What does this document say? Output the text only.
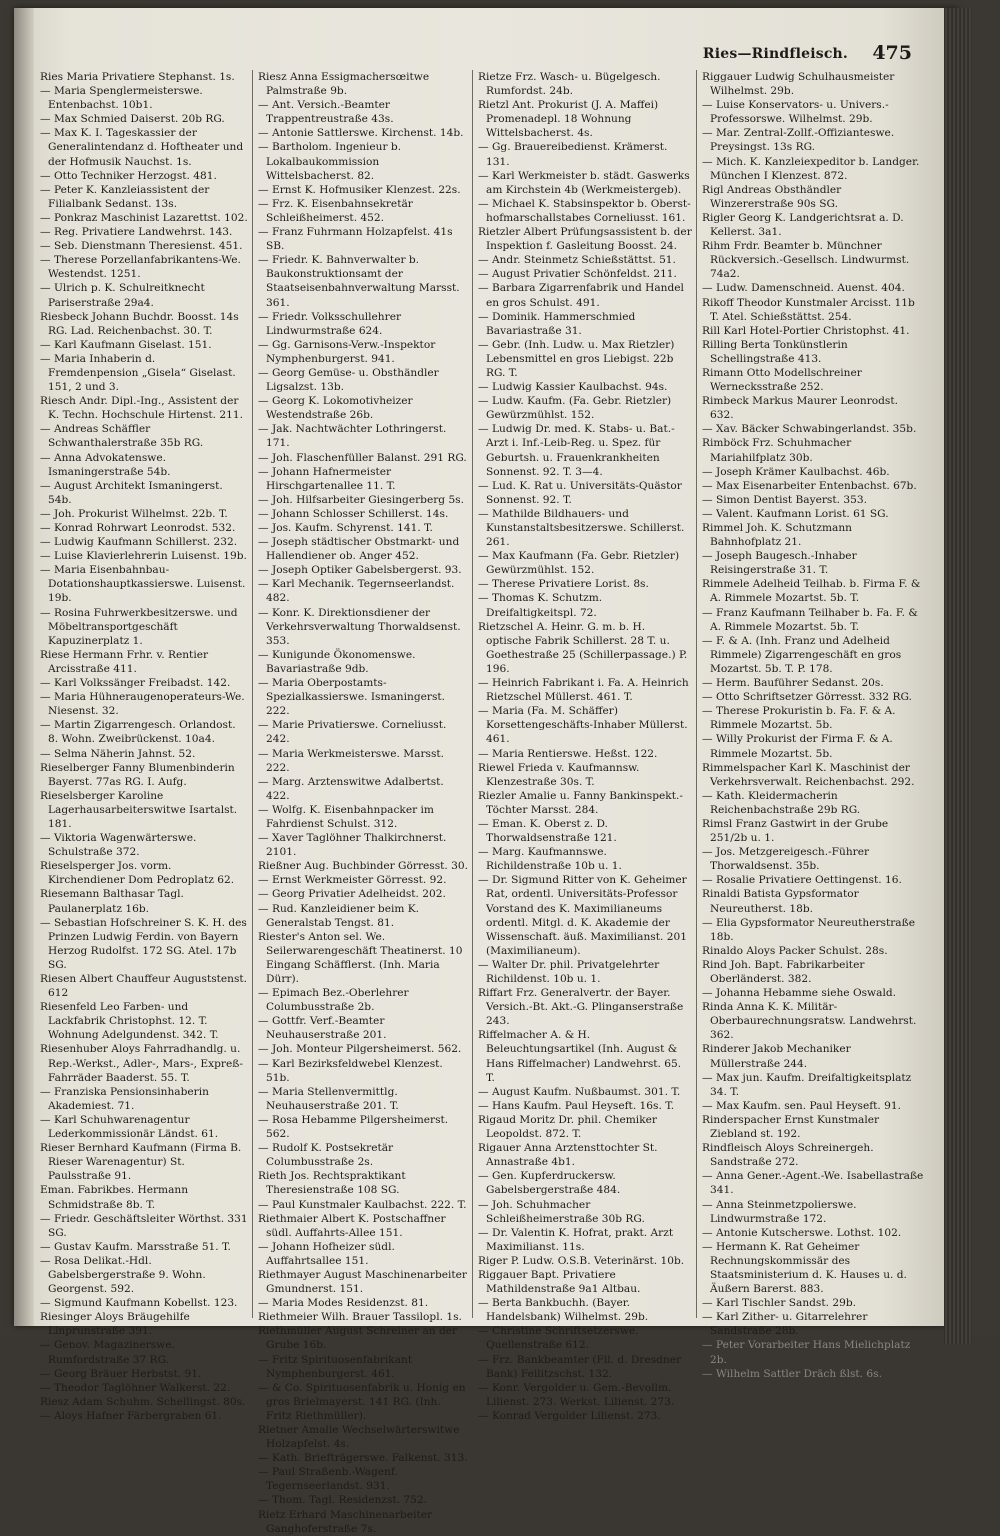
Ries—Rindfleisch. 475

Ries Maria Privatiere Stephanst. 1s.

— Maria Spenglermeisterswe. Entenbachst. 10b1.

— Max Schmied Daiserst. 20b RG.

— Max K. I. Tageskassier der Generalintendanz d. Hoftheater und der Hofmusik Nauchst. 1s.

— Otto Techniker Herzogst. 481.

— Peter K. Kanzleiassistent der Filialbank Sedanst. 13s.

— Ponkraz Maschinist Lazarettst. 102.

— Reg. Privatiere Landwehrst. 143.

— Seb. Dienstmann Theresienst. 451.

— Therese Porzellanfabrikantens-We. Westendst. 1251.

— Ulrich p. K. Schulreitknecht Pariserstraße 29a4.

Riesbeck Johann Buchdr. Boosst. 14s RG. Lad. Reichenbachst. 30. T.

— Karl Kaufmann Giselast. 151.

— Maria Inhaberin d. Fremdenpension „Gisela“ Giselast. 151, 2 und 3.

Riesch Andr. Dipl.-Ing., Assistent der K. Techn. Hochschule Hirtenst. 211.

— Andreas Schäffler Schwanthalerstraße 35b RG.

— Anna Advokatenswe. Ismaningerstraße 54b.

— August Architekt Ismaningerst. 54b.

— Joh. Prokurist Wilhelmst. 22b. T.

— Konrad Rohrwart Leonrodst. 532.

— Ludwig Kaufmann Schillerst. 232.

— Luise Klavierlehrerin Luisenst. 19b.

— Maria Eisenbahnbau-Dotationshauptkassierswe. Luisenst. 19b.

— Rosina Fuhrwerkbesitzerswe. und Möbeltransportgeschäft Kapuzinerplatz 1.

Riese Hermann Frhr. v. Rentier Arcisstraße 411.

— Karl Volkssänger Freibadst. 142.

— Maria Hühneraugenoperateurs-We. Niesenst. 32.

— Martin Zigarrengesch. Orlandost. 8. Wohn. Zweibrückenst. 10a4.

— Selma Näherin Jahnst. 52.

Rieselberger Fanny Blumenbinderin Bayerst. 77as RG. I. Aufg.

Rieselsberger Karoline Lagerhausarbeiterswitwe Isartalst. 181.

— Viktoria Wagenwärterswe. Schulstraße 372.

Rieselsperger Jos. vorm. Kirchendiener Dom Pedroplatz 62.

Riesemann Balthasar Tagl. Paulanerplatz 16b.

— Sebastian Hofschreiner S. K. H. des Prinzen Ludwig Ferdin. von Bayern Herzog Rudolfst. 172 SG. Atel. 17b SG.

Riesen Albert Chauffeur Auguststenst. 612

Riesenfeld Leo Farben- und Lackfabrik Christophst. 12. T. Wohnung Adelgundenst. 342. T.

Riesenhuber Aloys Fahrradhandlg. u. Rep.-Werkst., Adler-, Mars-, Expreß-Fahrräder Baaderst. 55. T.

— Franziska Pensionsinhaberin Akademiest. 71.

— Karl Schuhwarenagentur Lederkommissionär Ländst. 61.

Rieser Bernhard Kaufmann (Firma B. Rieser Warenagentur) St. Paulsstraße 91.

Eman. Fabrikbes. Hermann Schmidstraße 8b. T.

— Friedr. Geschäftsleiter Wörthst. 331 SG.

— Gustav Kaufm. Marsstraße 51. T.

— Rosa Delikat.-Hdl. Gabelsbergerstraße 9. Wohn. Georgenst. 592.

— Sigmund Kaufmann Kobellst. 123.

Riesinger Aloys Bräugehilfe Linprunstraße 391.

— Genov. Magazinerswe. Rumfordstraße 37 RG.

— Georg Bräuer Herbstst. 91.

— Theodor Taglöhner Walkerst. 22.

Riesz Adam Schuhm. Schellingst. 80s.

— Aloys Hafner Färbergraben 61.

Riesz Anna Essigmachersœitwe Palmstraße 9b.

— Ant. Versich.-Beamter Trappentreustraße 43s.

— Antonie Sattlerswe. Kirchenst. 14b.

— Bartholom. Ingenieur b. Lokalbaukommission Wittelsbacherst. 82.

— Ernst K. Hofmusiker Klenzest. 22s.

— Frz. K. Eisenbahnsekretär Schleißheimerst. 452.

— Franz Fuhrmann Holzapfelst. 41s SB.

— Friedr. K. Bahnverwalter b. Baukonstruktionsamt der Staatseisenbahnverwaltung Marsst. 361.

— Friedr. Volksschullehrer Lindwurmstraße 624.

— Gg. Garnisons-Verw.-Inspektor Nymphenburgerst. 941.

— Georg Gemüse- u. Obsthändler Ligsalzst. 13b.

— Georg K. Lokomotivheizer Westendstraße 26b.

— Jak. Nachtwächter Lothringerst. 171.

— Joh. Flaschenfüller Balanst. 291 RG.

— Johann Hafnermeister Hirschgartenallee 11. T.

— Joh. Hilfsarbeiter Giesingerberg 5s.

— Johann Schlosser Schillerst. 14s.

— Jos. Kaufm. Schyrenst. 141. T.

— Joseph städtischer Obstmarkt- und Hallendiener ob. Anger 452.

— Joseph Optiker Gabelsbergerst. 93.

— Karl Mechanik. Tegernseerlandst. 482.

— Konr. K. Direktionsdiener der Verkehrsverwaltung Thorwaldsenst. 353.

— Kunigunde Ökonomenswe. Bavariastraße 9db.

— Maria Oberpostamts-Spezialkassierswe. Ismaningerst. 222.

— Marie Privatierswe. Corneliusst. 242.

— Maria Werkmeisterswe. Marsst. 222.

— Marg. Arztenswitwe Adalbertst. 422.

— Wolfg. K. Eisenbahnpacker im Fahrdienst Schulst. 312.

— Xaver Taglöhner Thalkirchnerst. 2101.

Rießner Aug. Buchbinder Görresst. 30.

— Ernst Werkmeister Görresst. 92.

— Georg Privatier Adelheidst. 202.

— Rud. Kanzleidiener beim K. Generalstab Tengst. 81.

Riester's Anton sel. We. Seilerwarengeschäft Theatinerst. 10 Eingang Schäfflerst. (Inh. Maria Dürr).

— Epimach Bez.-Oberlehrer Columbusstraße 2b.

— Gottfr. Verf.-Beamter Neuhauserstraße 201.

— Joh. Monteur Pilgersheimerst. 562.

— Karl Bezirksfeldwebel Klenzest. 51b.

— Maria Stellenvermittlg. Neuhauserstraße 201. T.

— Rosa Hebamme Pilgersheimerst. 562.

— Rudolf K. Postsekretär Columbusstraße 2s.

Rieth Jos. Rechtspraktikant Theresienstraße 108 SG.

— Paul Kunstmaler Kaulbachst. 222. T.

Riethmaier Albert K. Postschaffner südl. Auffahrts-Allee 151.

— Johann Hofheizer südl. Auffahrtsallee 151.

Riethmayer August Maschinenarbeiter Gmundnerst. 151.

— Maria Modes Residenzst. 81.

Riethmeier Wilh. Brauer Tassilopl. 1s.

Riethmüller August Schreiner an der Grube 16b.

— Fritz Spirituosenfabrikant Nymphenburgerst. 461.

— & Co. Spirituosenfabrik u. Honig en gros Brielmayerst. 141 RG. (Inh. Fritz Riethmüller).

Rietner Amalie Wechselwärterswitwe Holzapfelst. 4s.

— Kath. Briefträgerswe. Falkenst. 313.

— Paul Straßenb.-Wagenf. Tegernseerlandst. 931.

— Thom. Tagl. Residenzst. 752.

Rietz Erhard Maschinenarbeiter Ganghoferstraße 7s.

Rietze Frz. Wasch- u. Bügelgesch. Rumfordst. 24b.

Rietzl Ant. Prokurist (J. A. Maffei) Promenadepl. 18 Wohnung Wittelsbacherst. 4s.

— Gg. Brauereibedienst. Krämerst. 131.

— Karl Werkmeister b. städt. Gaswerks am Kirchstein 4b (Werkmeistergeb).

— Michael K. Stabsinspektor b. Oberst-hofmarschallstabes Corneliusst. 161.

Rietzler Albert Prüfungsassistent b. der Inspektion f. Gasleitung Boosst. 24.

— Andr. Steinmetz Schießstättst. 51.

— August Privatier Schönfeldst. 211.

— Barbara Zigarrenfabrik und Handel en gros Schulst. 491.

— Dominik. Hammerschmied Bavariastraße 31.

— Gebr. (Inh. Ludw. u. Max Rietzler) Lebensmittel en gros Liebigst. 22b RG. T.

— Ludwig Kassier Kaulbachst. 94s.

— Ludw. Kaufm. (Fa. Gebr. Rietzler) Gewürzmühlst. 152.

— Ludwig Dr. med. K. Stabs- u. Bat.-Arzt i. Inf.-Leib-Reg. u. Spez. für Geburtsh. u. Frauenkrankheiten Sonnenst. 92. T. 3—4.

— Lud. K. Rat u. Universitäts-Quästor Sonnenst. 92. T.

— Mathilde Bildhauers- und Kunstanstaltsbesitzerswe. Schillerst. 261.

— Max Kaufmann (Fa. Gebr. Rietzler) Gewürzmühlst. 152.

— Therese Privatiere Lorist. 8s.

— Thomas K. Schutzm. Dreifaltigkeitspl. 72.

Rietzschel A. Heinr. G. m. b. H. optische Fabrik Schillerst. 28 T. u. Goethestraße 25 (Schillerpassage.) P. 196.

— Heinrich Fabrikant i. Fa. A. Heinrich Rietzschel Müllerst. 461. T.

— Maria (Fa. M. Schäffer) Korsettengeschäfts-Inhaber Müllerst. 461.

— Maria Rentierswe. Heßst. 122.

Riewel Frieda v. Kaufmannsw. Klenzestraße 30s. T.

Riezler Amalie u. Fanny Bankinspekt.-Töchter Marsst. 284.

— Eman. K. Oberst z. D. Thorwaldsenstraße 121.

— Marg. Kaufmannswe. Richildenstraße 10b u. 1.

— Dr. Sigmund Ritter von K. Geheimer Rat, ordentl. Universitäts-Professor Vorstand des K. Maximilianeums ordentl. Mitgl. d. K. Akademie der Wissenschaft. äuß. Maximilianst. 201 (Maximilianeum).

— Walter Dr. phil. Privatgelehrter Richildenst. 10b u. 1.

Riffart Frz. Generalvertr. der Bayer. Versich.-Bt. Akt.-G. Plinganserstraße 243.

Riffelmacher A. & H. Beleuchtungsartikel (Inh. August & Hans Riffelmacher) Landwehrst. 65. T.

— August Kaufm. Nußbaumst. 301. T.

— Hans Kaufm. Paul Heyseft. 16s. T.

Rigaud Moritz Dr. phil. Chemiker Leopoldst. 872. T.

Rigauer Anna Arztensttochter St. Annastraße 4b1.

— Gen. Kupferdruckersw. Gabelsbergerstraße 484.

— Joh. Schuhmacher Schleißheimerstraße 30b RG.

— Dr. Valentin K. Hofrat, prakt. Arzt Maximilianst. 11s.

Riger P. Ludw. O.S.B. Veterinärst. 10b.

Riggauer Bapt. Privatiere Mathildenstraße 9a1 Altbau.

— Berta Bankbuchh. (Bayer. Handelsbank) Wilhelmst. 29b.

— Christine Schriftsetzerswe. Quellenstraße 612.

— Frz. Bankbeamter (Fil. d. Dresdner Bank) Feilitzschst. 132.

— Konr. Vergolder u. Gem.-Bevollm. Lilienst. 273. Werkst. Lilienst. 273.

— Konrad Vergolder Lilienst. 273.

Riggauer Ludwig Schulhausmeister Wilhelmst. 29b.

— Luise Konservators- u. Univers.-Professorswe. Wilhelmst. 29b.

— Mar. Zentral-Zollf.-Offizianteswe. Preysingst. 13s RG.

— Mich. K. Kanzleiexpeditor b. Landger. München I Klenzest. 872.

Rigl Andreas Obsthändler Winzererstraße 90s SG.

Rigler Georg K. Landgerichtsrat a. D. Kellerst. 3a1.

Rihm Frdr. Beamter b. Münchner Rückversich.-Gesellsch. Lindwurmst. 74a2.

— Ludw. Damenschneid. Auenst. 404.

Rikoff Theodor Kunstmaler Arcisst. 11b T. Atel. Schießstättst. 254.

Rill Karl Hotel-Portier Christophst. 41.

Rilling Berta Tonkünstlerin Schellingstraße 413.

Rimann Otto Modellschreiner Wernecksstraße 252.

Rimbeck Markus Maurer Leonrodst. 632.

— Xav. Bäcker Schwabingerlandst. 35b.

Rimböck Frz. Schuhmacher Mariahilfplatz 30b.

— Joseph Krämer Kaulbachst. 46b.

— Max Eisenarbeiter Entenbachst. 67b.

— Simon Dentist Bayerst. 353.

— Valent. Kaufmann Lorist. 61 SG.

Rimmel Joh. K. Schutzmann Bahnhofplatz 21.

— Joseph Baugesch.-Inhaber Reisingerstraße 31. T.

Rimmele Adelheid Teilhab. b. Firma F. & A. Rimmele Mozartst. 5b. T.

— Franz Kaufmann Teilhaber b. Fa. F. & A. Rimmele Mozartst. 5b. T.

— F. & A. (Inh. Franz und Adelheid Rimmele) Zigarrengeschäft en gros Mozartst. 5b. T. P. 178.

— Herm. Bauführer Sedanst. 20s.

— Otto Schriftsetzer Görresst. 332 RG.

— Therese Prokuristin b. Fa. F. & A. Rimmele Mozartst. 5b.

— Willy Prokurist der Firma F. & A. Rimmele Mozartst. 5b.

Rimmelspacher Karl K. Maschinist der Verkehrsverwalt. Reichenbachst. 292.

— Kath. Kleidermacherin Reichenbachstraße 29b RG.

Rimsl Franz Gastwirt in der Grube 251/2b u. 1.

— Jos. Metzgereigesch.-Führer Thorwaldsenst. 35b.

— Rosalie Privatiere Oettingenst. 16.

Rinaldi Batista Gypsformator Neureutherst. 18b.

— Elia Gypsformator Neureutherstraße 18b.

Rinaldo Aloys Packer Schulst. 28s.

Rind Joh. Bapt. Fabrikarbeiter Oberländerst. 382.

— Johanna Hebamme siehe Oswald.

Rinda Anna K. K. Militär-Oberbaurechnungsratsw. Landwehrst. 362.

Rinderer Jakob Mechaniker Müllerstraße 244.

— Max jun. Kaufm. Dreifaltigkeitsplatz 34. T.

— Max Kaufm. sen. Paul Heyseft. 91.

Rinderspacher Ernst Kunstmaler Ziebland st. 192.

Rindfleisch Aloys Schreinergeh. Sandstraße 272.

— Anna Gener.-Agent.-We. Isabellastraße 341.

— Anna Steinmetzpolierswe. Lindwurmstraße 172.

— Antonie Kutscherswe. Lothst. 102.

— Hermann K. Rat Geheimer Rechnungskommissär des Staatsministerium d. K. Hauses u. d. Äußern Barerst. 883.

— Karl Tischler Sandst. 29b.

— Karl Zither- u. Gitarrelehrer Sandstraße 28b.

— Peter Vorarbeiter Hans Mielichplatz 2b.

— Wilhelm Sattler Dräch ßlst. 6s.
